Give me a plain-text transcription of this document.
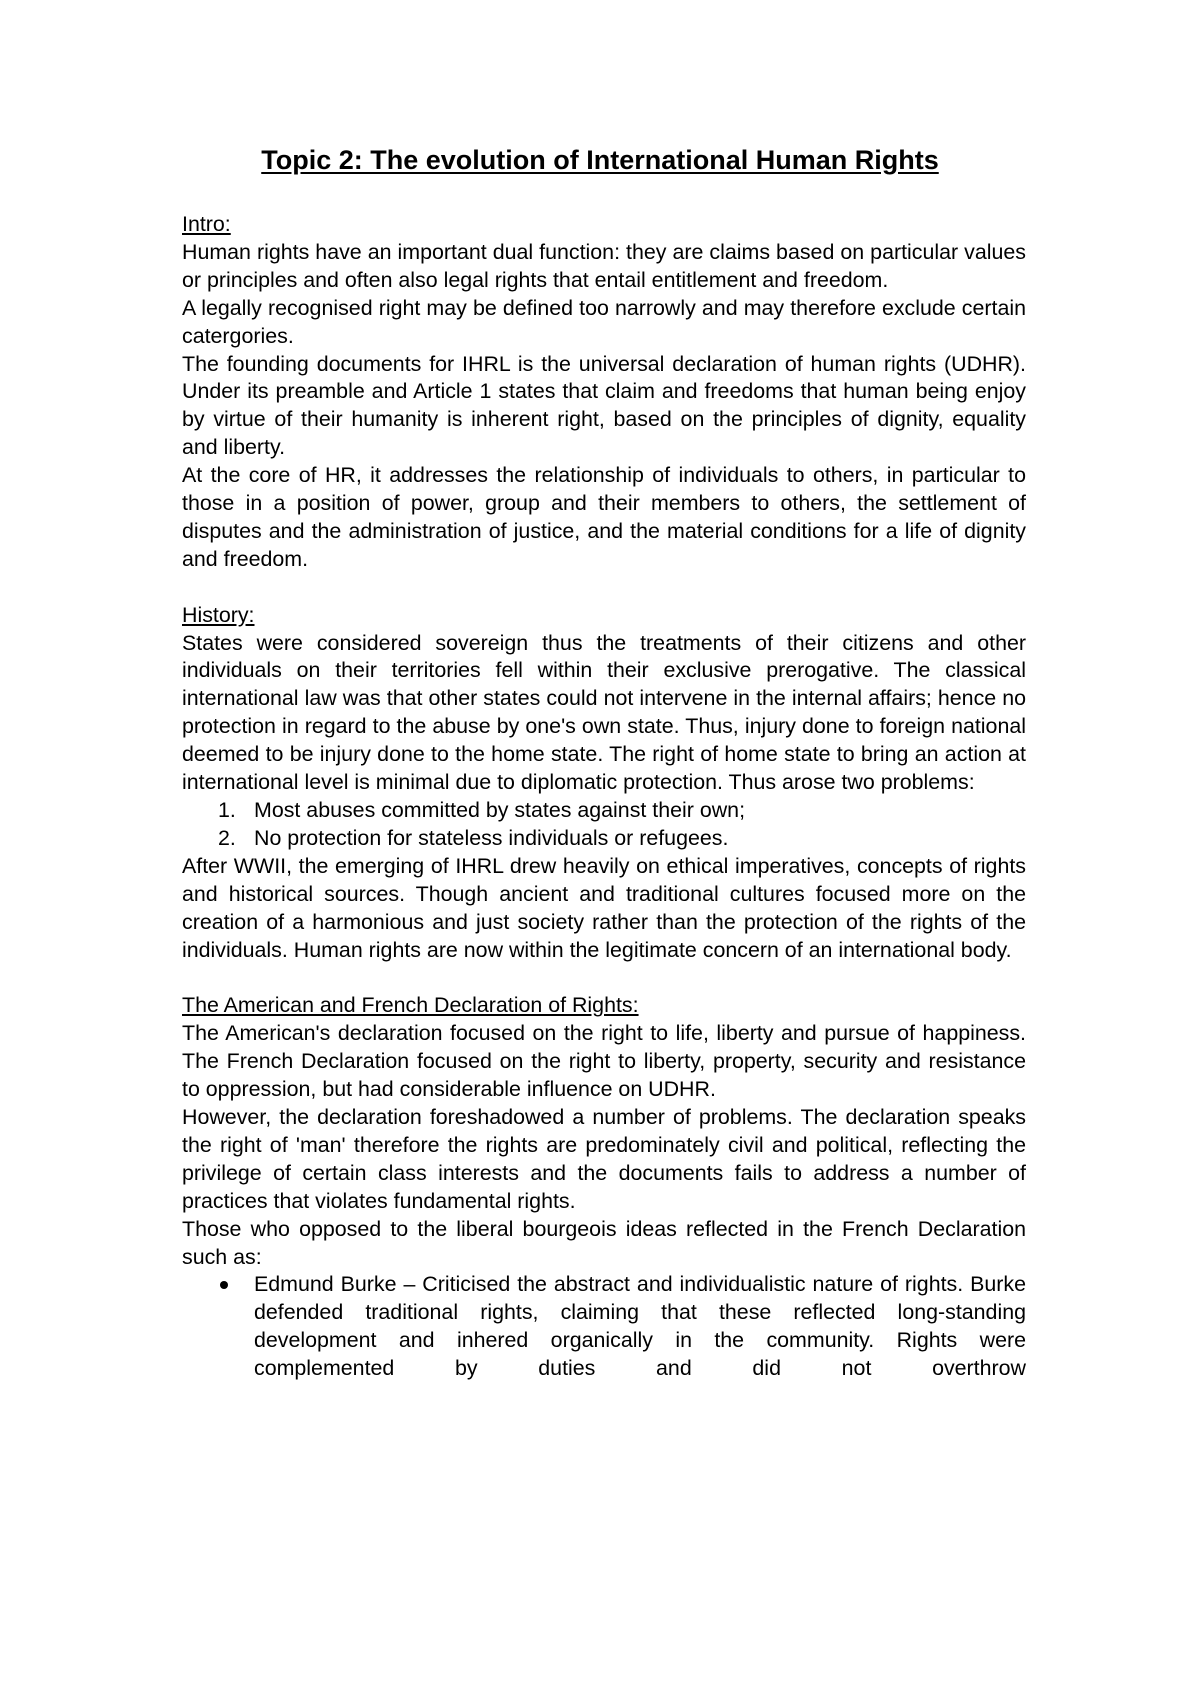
Topic 2: The evolution of International Human Rights

Intro:

Human rights have an important dual function: they are claims based on particular values or principles and often also legal rights that entail entitlement and freedom.

A legally recognised right may be defined too narrowly and may therefore exclude certain catergories.

The founding documents for IHRL is the universal declaration of human rights (UDHR). Under its preamble and Article 1 states that claim and freedoms that human being enjoy by virtue of their humanity is inherent right, based on the principles of dignity, equality and liberty.

At the core of HR, it addresses the relationship of individuals to others, in particular to those in a position of power, group and their members to others, the settlement of disputes and the administration of justice, and the material conditions for a life of dignity and freedom.

History:

States were considered sovereign thus the treatments of their citizens and other individuals on their territories fell within their exclusive prerogative. The classical international law was that other states could not intervene in the internal affairs; hence no protection in regard to the abuse by one's own state. Thus, injury done to foreign national deemed to be injury done to the home state. The right of home state to bring an action at international level is minimal due to diplomatic protection. Thus arose two problems:

1. Most abuses committed by states against their own;
2. No protection for stateless individuals or refugees.

After WWII, the emerging of IHRL drew heavily on ethical imperatives, concepts of rights and historical sources. Though ancient and traditional cultures focused more on the creation of a harmonious and just society rather than the protection of the rights of the individuals. Human rights are now within the legitimate concern of an international body.

The American and French Declaration of Rights:

The American's declaration focused on the right to life, liberty and pursue of happiness. The French Declaration focused on the right to liberty, property, security and resistance to oppression, but had considerable influence on UDHR.

However, the declaration foreshadowed a number of problems. The declaration speaks the right of 'man' therefore the rights are predominately civil and political, reflecting the privilege of certain class interests and the documents fails to address a number of practices that violates fundamental rights.

Those who opposed to the liberal bourgeois ideas reflected in the French Declaration such as:

Edmund Burke – Criticised the abstract and individualistic nature of rights. Burke defended traditional rights, claiming that these reflected long-standing development and inhered organically in the community. Rights were complemented by duties and did not overthrow
